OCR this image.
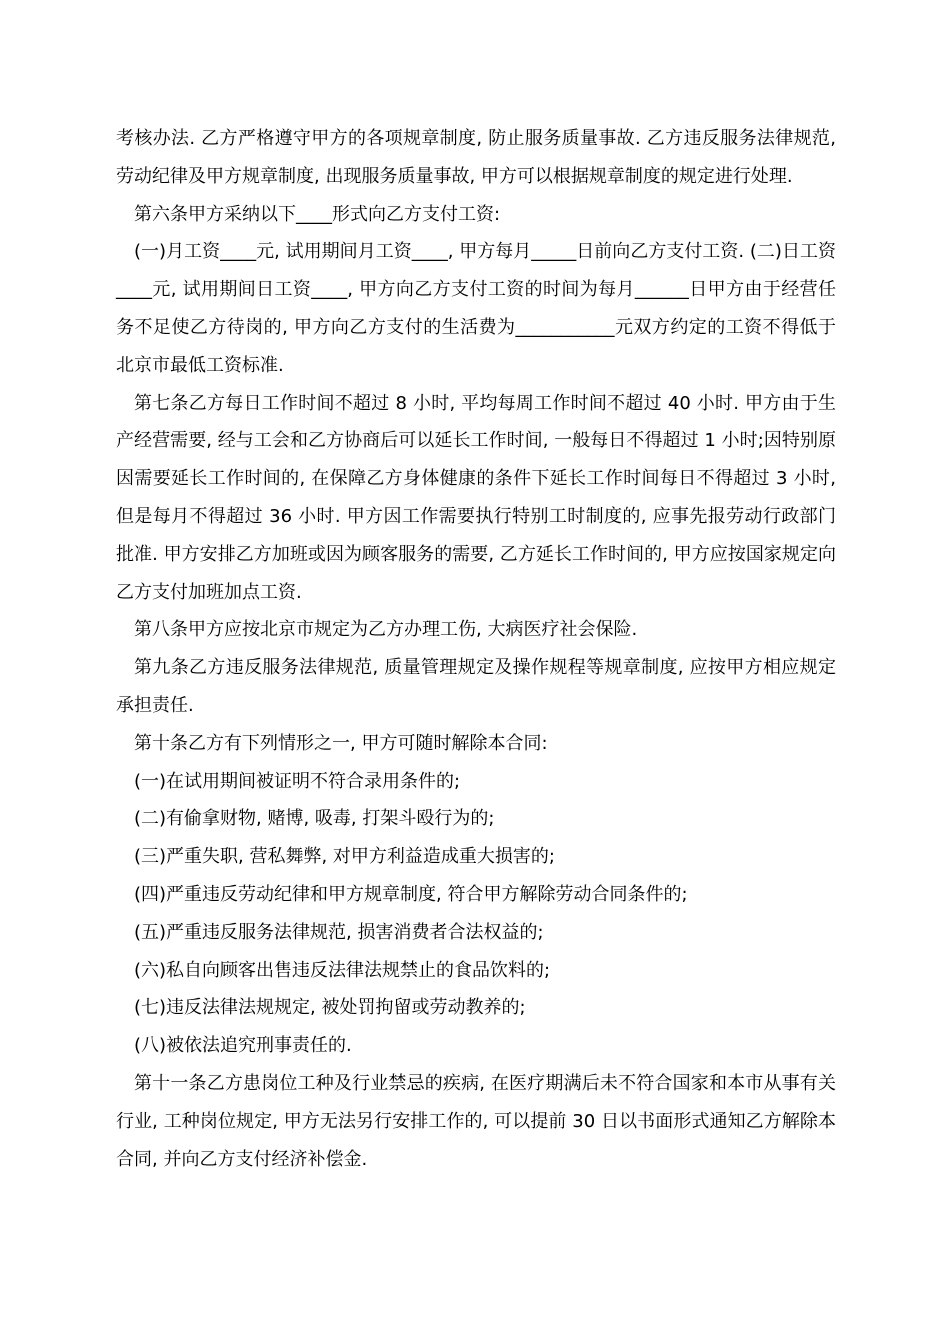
考核办法. 乙方严格遵守甲方的各项规章制度, 防止服务质量事故. 乙方违反服务法律规范, 劳动纪律及甲方规章制度, 出现服务质量事故, 甲方可以根据规章制度的规定进行处理.

第六条甲方采纳以下____形式向乙方支付工资:

(一)月工资____元, 试用期间月工资____, 甲方每月_____日前向乙方支付工资. (二)日工资____元, 试用期间日工资____, 甲方向乙方支付工资的时间为每月______日甲方由于经营任务不足使乙方待岗的, 甲方向乙方支付的生活费为___________元双方约定的工资不得低于北京市最低工资标准.

第七条乙方每日工作时间不超过 8 小时, 平均每周工作时间不超过 40 小时. 甲方由于生产经营需要, 经与工会和乙方协商后可以延长工作时间, 一般每日不得超过 1 小时;因特别原因需要延长工作时间的, 在保障乙方身体健康的条件下延长工作时间每日不得超过 3 小时, 但是每月不得超过 36 小时. 甲方因工作需要执行特别工时制度的, 应事先报劳动行政部门批准. 甲方安排乙方加班或因为顾客服务的需要, 乙方延长工作时间的, 甲方应按国家规定向乙方支付加班加点工资.

第八条甲方应按北京市规定为乙方办理工伤, 大病医疗社会保险.

第九条乙方违反服务法律规范, 质量管理规定及操作规程等规章制度, 应按甲方相应规定承担责任.

第十条乙方有下列情形之一, 甲方可随时解除本合同:

(一)在试用期间被证明不符合录用条件的;

(二)有偷拿财物, 赌博, 吸毒, 打架斗殴行为的;

(三)严重失职, 营私舞弊, 对甲方利益造成重大损害的;

(四)严重违反劳动纪律和甲方规章制度, 符合甲方解除劳动合同条件的;

(五)严重违反服务法律规范, 损害消费者合法权益的;

(六)私自向顾客出售违反法律法规禁止的食品饮料的;

(七)违反法律法规规定, 被处罚拘留或劳动教养的;

(八)被依法追究刑事责任的.

第十一条乙方患岗位工种及行业禁忌的疾病, 在医疗期满后未不符合国家和本市从事有关行业, 工种岗位规定, 甲方无法另行安排工作的, 可以提前 30 日以书面形式通知乙方解除本合同, 并向乙方支付经济补偿金.
